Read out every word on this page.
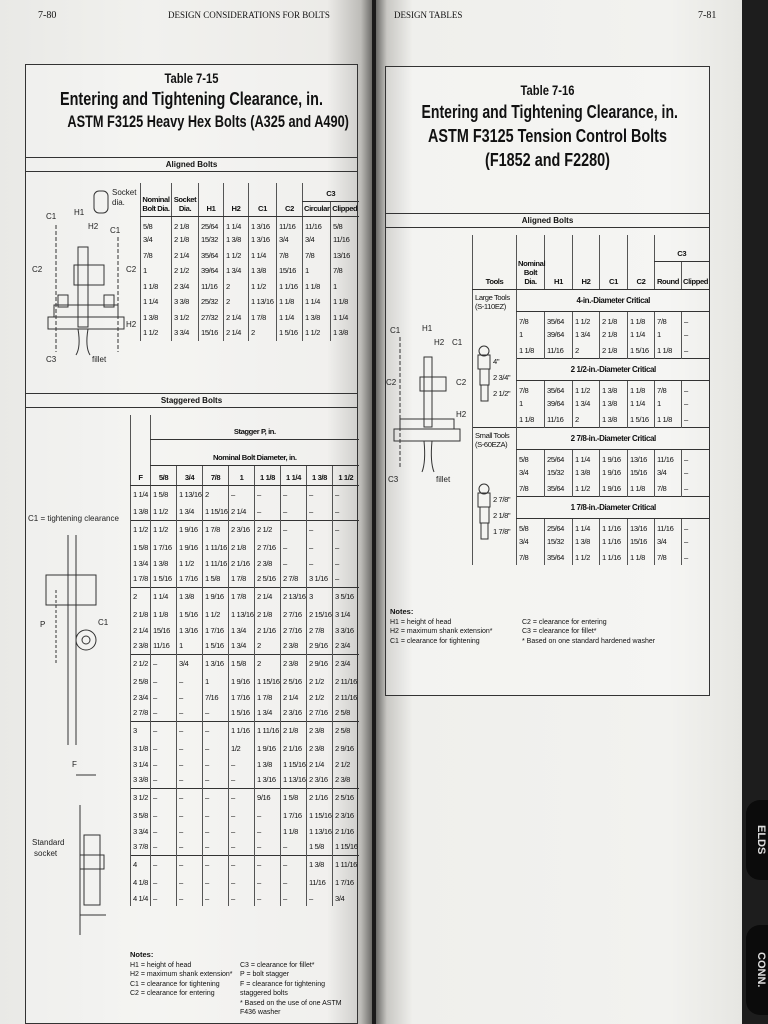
7-80	DESIGN CONSIDERATIONS FOR BOLTS
Table 7-15
Entering and Tightening Clearance, in.
ASTM F3125 Heavy Hex Bolts (A325 and A490)
Aligned Bolts
Socket
dia.
C1 H1
H2 C1
C2	C2
H2
C3	fillet
Nominal Bolt Dia.	Socket Dia.	H1	H2	C1	C2	C3	
						Circular	Clipped
5/8	2 1/8	25/64	1 1/4	1 3/16	11/16	11/16	5/8
3/4	2 1/8	15/32	1 3/8	1 3/16	3/4	3/4	11/16
7/8	2 1/4	35/64	1 1/2	1 1/4	7/8	7/8	13/16
1	2 1/2	39/64	1 3/4	1 3/8	15/16	1	7/8
1 1/8	2 3/4	11/16	2	1 1/2	1 1/16	1 1/8	1
1 1/4	3 3/8	25/32	2	1 13/16	1 1/8	1 1/4	1 1/8
1 3/8	3 1/2	27/32	2 1/4	1 7/8	1 1/4	1 3/8	1 1/4
1 1/2	3 3/4	15/16	2 1/4	2	1 5/16	1 1/2	1 3/8
Staggered Bolts
C1 = tightening clearance
P	C1
F
Standard
socket
F	Stagger P, in.							
	Nominal Bolt Diameter, in.							
	5/8	3/4	7/8	1	1 1/8	1 1/4	1 3/8	1 1/2
1 1/4	1 5/8	1 13/16	2	–	–	–	–	–
1 3/8	1 1/2	1 3/4	1 15/16	2 1/4	–	–	–	–
1 1/2	1 1/2	1 9/16	1 7/8	2 3/16	2 1/2	–	–	–
1 5/8	1 7/16	1 9/16	1 11/16	2 1/8	2 7/16	–	–	–
1 3/4	1 3/8	1 1/2	1 11/16	2 1/16	2 3/8	–	–	–
1 7/8	1 5/16	1 7/16	1 5/8	1 7/8	2 5/16	2 7/8	3 1/16	–
2	1 1/4	1 3/8	1 9/16	1 7/8	2 1/4	2 13/16	3	3 5/16
2 1/8	1 1/8	1 5/16	1 1/2	1 13/16	2 1/8	2 7/16	2 15/16	3 1/4
2 1/4	15/16	1 3/16	1 7/16	1 3/4	2 1/16	2 7/16	2 7/8	3 3/16
2 3/8	11/16	1	1 5/16	1 3/4	2	2 3/8	2 9/16	2 3/4
2 1/2	–	3/4	1 3/16	1 5/8	2	2 3/8	2 9/16	2 3/4
2 5/8	–	–	1	1 9/16	1 15/16	2 5/16	2 1/2	2 11/16
2 3/4	–	–	7/16	1 7/16	1 7/8	2 1/4	2 1/2	2 11/16
2 7/8	–	–	–	1 5/16	1 3/4	2 3/16	2 7/16	2 5/8
3	–	–	–	1 1/16	1 11/16	2 1/8	2 3/8	2 5/8
3 1/8	–	–	–	1/2	1 9/16	2 1/16	2 3/8	2 9/16
3 1/4	–	–	–	–	1 3/8	1 15/16	2 1/4	2 1/2
3 3/8	–	–	–	–	1 3/16	1 13/16	2 3/16	2 3/8
3 1/2	–	–	–	–	9/16	1 5/8	2 1/16	2 5/16
3 5/8	–	–	–	–	–	1 7/16	1 15/16	2 3/16
3 3/4	–	–	–	–	–	1 1/8	1 13/16	2 1/16
3 7/8	–	–	–	–	–	–	1 5/8	1 15/16
4	–	–	–	–	–	–	1 3/8	1 11/16
4 1/8	–	–	–	–	–	–	11/16	1 7/16
4 1/4	–	–	–	–	–	–	–	3/4
Notes:
H1 = height of head
H2 = maximum shank extension*
C1 = clearance for tightening
C2 = clearance for entering
C3 = clearance for fillet*
P = bolt stagger
F = clearance for tightening staggered bolts
* Based on the use of one ASTM F436 washer
DESIGN TABLES	7-81
Table 7-16
Entering and Tightening Clearance, in.
ASTM F3125 Tension Control Bolts
(F1852 and F2280)
Aligned Bolts
C1	H1
H2 C1
C2	C2
H2
C3	fillet
Tools	Nominal Bolt Dia.	H1	H2	C1	C2	C3	
						Round	Clipped

Large Tools
(S-110EZ)
4"
2 3/4"
2 1/2"	4-in.-Diameter Critical						
	7/8	35/64	1 1/2	2 1/8	1 1/8	7/8	–
	1	39/64	1 3/4	2 1/8	1 1/4	1	–
	1 1/8	11/16	2	2 1/8	1 5/16	1 1/8	–
	2 1/2-in.-Diameter Critical						
	7/8	35/64	1 1/2	1 3/8	1 1/8	7/8	–
	1	39/64	1 3/4	1 3/8	1 1/4	1	–
	1 1/8	11/16	2	1 3/8	1 5/16	1 1/8	–

Small Tools
(S-60EZA)
2 7/8"
2 1/8"
1 7/8"	2 7/8-in.-Diameter Critical						
	5/8	25/64	1 1/4	1 9/16	13/16	11/16	–
	3/4	15/32	1 3/8	1 9/16	15/16	3/4	–
	7/8	35/64	1 1/2	1 9/16	1 1/8	7/8	–
	1 7/8-in.-Diameter Critical						
	5/8	25/64	1 1/4	1 1/16	13/16	11/16	–
	3/4	15/32	1 3/8	1 1/16	15/16	3/4	–
	7/8	35/64	1 1/2	1 1/16	1 1/8	7/8	–
Notes:
H1 = height of head
H2 = maximum shank extension*
C1 = clearance for tightening
C2 = clearance for entering
C3 = clearance for fillet*
* Based on one standard hardened washer
ELDS
CONN.
